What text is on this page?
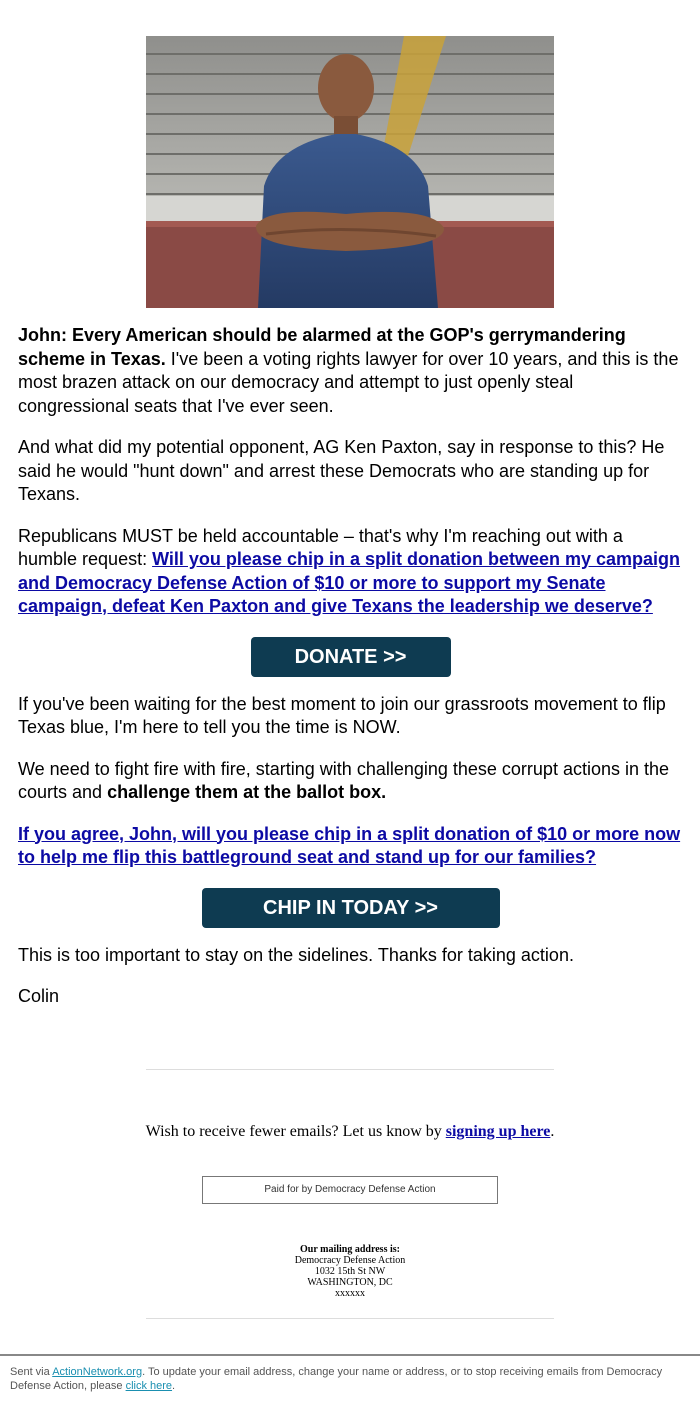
John: Every American should be alarmed at the GOP's gerrymandering scheme in Texas. I've been a voting rights lawyer for over 10 years, and this is the most brazen attack on our democracy and attempt to just openly steal congressional seats that I've ever seen.

And what did my potential opponent, AG Ken Paxton, say in response to this? He said he would "hunt down" and arrest these Democrats who are standing up for Texans.

Republicans MUST be held accountable – that's why I'm reaching out with a humble request: Will you please chip in a split donation between my campaign and Democracy Defense Action of $10 or more to support my Senate campaign, defeat Ken Paxton and give Texans the leadership we deserve?

DONATE >>

If you've been waiting for the best moment to join our grassroots movement to flip Texas blue, I'm here to tell you the time is NOW.

We need to fight fire with fire, starting with challenging these corrupt actions in the courts and challenge them at the ballot box.

If you agree, John, will you please chip in a split donation of $10 or more now to help me flip this battleground seat and stand up for our families?

CHIP IN TODAY >>

This is too important to stay on the sidelines. Thanks for taking action.

Colin

Wish to receive fewer emails? Let us know by signing up here.
Paid for by Democracy Defense Action
Our mailing address is:
Democracy Defense Action
1032 15th St NW
WASHINGTON, DC
xxxxxx
Sent via ActionNetwork.org. To update your email address, change your name or address, or to stop receiving emails from Democracy Defense Action, please click here.
